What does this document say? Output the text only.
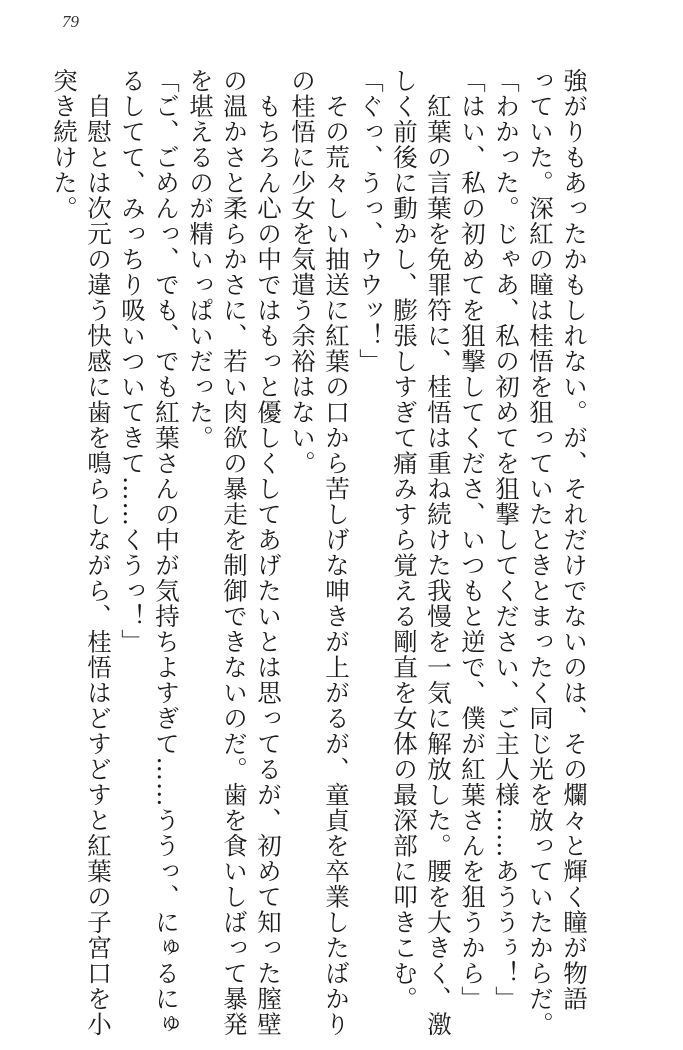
79
強がりもあったかもしれない。が、それだけでないのは、その爛々と輝く瞳が物語
っていた。深紅の瞳は桂悟を狙っていたときとまったく同じ光を放っていたからだ。
「わかった。じゃあ、私の初めてを狙撃してください、ご主人様……あううぅ！」
「はい、私の初めてを狙撃してくださ、いつもと逆で、僕が紅葉さんを狙うから」
　紅葉の言葉を免罪符に、桂悟は重ね続けた我慢を一気に解放した。腰を大きく、激
しく前後に動かし、膨張しすぎて痛みすら覚える剛直を女体の最深部に叩きこむ。
「ぐっ、うっ、ウウッ！」
　その荒々しい抽送に紅葉の口から苦しげな呻きが上がるが、童貞を卒業したばかり
の桂悟に少女を気遣う余裕はない。
　もちろん心の中ではもっと優しくしてあげたいとは思ってるが、初めて知った膣壁
の温かさと柔らかさに、若い肉欲の暴走を制御できないのだ。歯を食いしばって暴発
を堪えるのが精いっぱいだった。
「ご、ごめんっ、でも、でも紅葉さんの中が気持ちよすぎて……ううっ、にゅるにゅ
るしてて、みっちり吸いついてきて……くうっ！」
　自慰とは次元の違う快感に歯を鳴らしながら、桂悟はどすどすと紅葉の子宮口を小
突き続けた。
